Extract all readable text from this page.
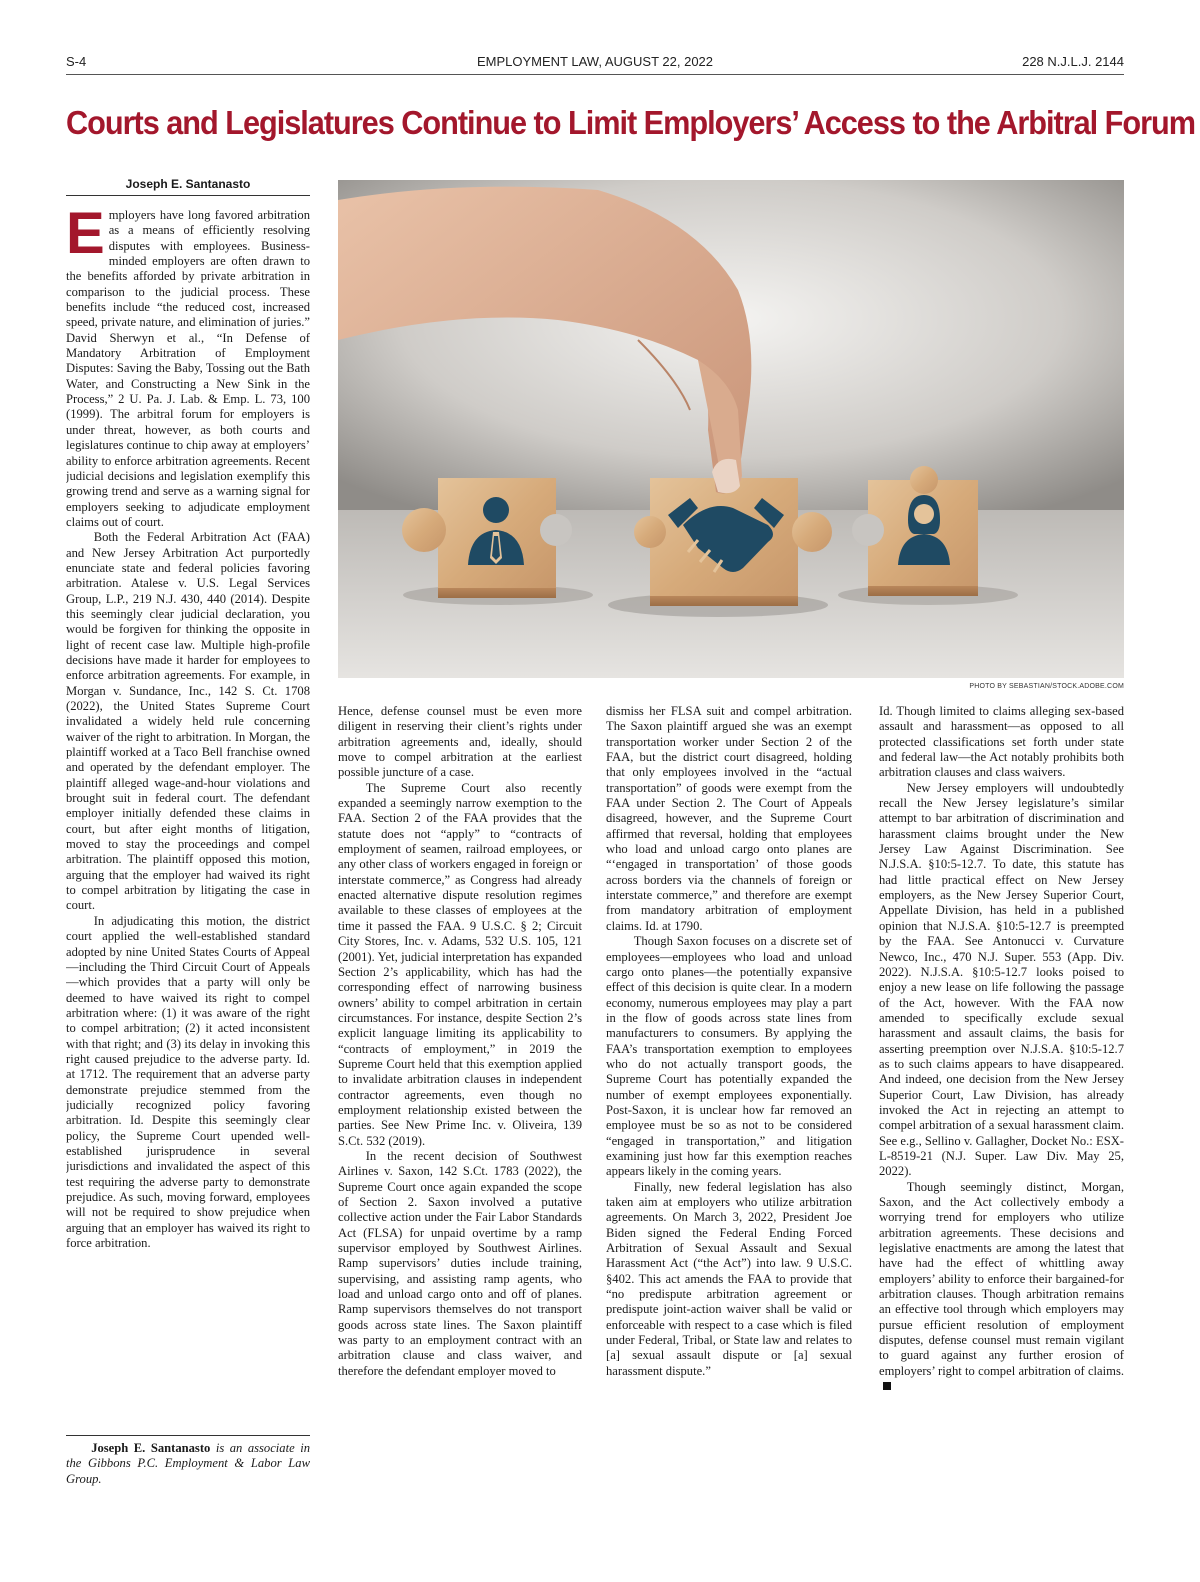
S-4	EMPLOYMENT LAW, AUGUST 22, 2022	228 N.J.L.J. 2144
Courts and Legislatures Continue to Limit Employers’ Access to the Arbitral Forum
Joseph E. Santanasto

Employers have long favored arbitration as a means of efficiently resolving disputes with employees. Business-minded employers are often drawn to the benefits afforded by private arbitration in comparison to the judicial process. These benefits include “the reduced cost, increased speed, private nature, and elimination of juries.” David Sherwyn et al., “In Defense of Mandatory Arbitration of Employment Disputes: Saving the Baby, Tossing out the Bath Water, and Constructing a New Sink in the Process,” 2 U. Pa. J. Lab. & Emp. L. 73, 100 (1999). The arbitral forum for employers is under threat, however, as both courts and legislatures continue to chip away at employers’ ability to enforce arbitration agreements. Recent judicial decisions and legislation exemplify this growing trend and serve as a warning signal for employers seeking to adjudicate employment claims out of court.

Both the Federal Arbitration Act (FAA) and New Jersey Arbitration Act purportedly enunciate state and federal policies favoring arbitration. Atalese v. U.S. Legal Services Group, L.P., 219 N.J. 430, 440 (2014). Despite this seemingly clear judicial declaration, you would be forgiven for thinking the opposite in light of recent case law. Multiple high-profile decisions have made it harder for employees to enforce arbitration agreements. For example, in Morgan v. Sundance, Inc., 142 S. Ct. 1708 (2022), the United States Supreme Court invalidated a widely held rule concerning waiver of the right to arbitration. In Morgan, the plaintiff worked at a Taco Bell franchise owned and operated by the defendant employer. The plaintiff alleged wage-and-hour violations and brought suit in federal court. The defendant employer initially defended these claims in court, but after eight months of litigation, moved to stay the proceedings and compel arbitration. The plaintiff opposed this motion, arguing that the employer had waived its right to compel arbitration by litigating the case in court.

In adjudicating this motion, the district court applied the well-established standard adopted by nine United States Courts of Appeal—including the Third Circuit Court of Appeals—which provides that a party will only be deemed to have waived its right to compel arbitration where: (1) it was aware of the right to compel arbitration; (2) it acted inconsistent with that right; and (3) its delay in invoking this right caused prejudice to the adverse party. Id. at 1712. The requirement that an adverse party demonstrate prejudice stemmed from the judicially recognized policy favoring arbitration. Id. Despite this seemingly clear policy, the Supreme Court upended well-established jurisprudence in several jurisdictions and invalidated the aspect of this test requiring the adverse party to demonstrate prejudice. As such, moving forward, employees will not be required to show prejudice when arguing that an employer has waived its right to force arbitration.

Joseph E. Santanasto is an associate in the Gibbons P.C. Employment & Labor Law Group.
PHOTO BY SEBASTIAN/STOCK.ADOBE.COM

Hence, defense counsel must be even more diligent in reserving their client’s rights under arbitration agreements and, ideally, should move to compel arbitration at the earliest possible juncture of a case.

The Supreme Court also recently expanded a seemingly narrow exemption to the FAA. Section 2 of the FAA provides that the statute does not “apply” to “contracts of employment of seamen, railroad employees, or any other class of workers engaged in foreign or interstate commerce,” as Congress had already enacted alternative dispute resolution regimes available to these classes of employees at the time it passed the FAA. 9 U.S.C. § 2; Circuit City Stores, Inc. v. Adams, 532 U.S. 105, 121 (2001). Yet, judicial interpretation has expanded Section 2’s applicability, which has had the corresponding effect of narrowing business owners’ ability to compel arbitration in certain circumstances. For instance, despite Section 2’s explicit language limiting its applicability to “contracts of employment,” in 2019 the Supreme Court held that this exemption applied to invalidate arbitration clauses in independent contractor agreements, even though no employment relationship existed between the parties. See New Prime Inc. v. Oliveira, 139 S.Ct. 532 (2019).

In the recent decision of Southwest Airlines v. Saxon, 142 S.Ct. 1783 (2022), the Supreme Court once again expanded the scope of Section 2. Saxon involved a putative collective action under the Fair Labor Standards Act (FLSA) for unpaid overtime by a ramp supervisor employed by Southwest Airlines. Ramp supervisors’ duties include training, supervising, and assisting ramp agents, who load and unload cargo onto and off of planes. Ramp supervisors themselves do not transport goods across state lines. The Saxon plaintiff was party to an employment contract with an arbitration clause and class waiver, and therefore the defendant employer moved to

dismiss her FLSA suit and compel arbitration. The Saxon plaintiff argued she was an exempt transportation worker under Section 2 of the FAA, but the district court disagreed, holding that only employees involved in the “actual transportation” of goods were exempt from the FAA under Section 2. The Court of Appeals disagreed, however, and the Supreme Court affirmed that reversal, holding that employees who load and unload cargo onto planes are “‘engaged in transportation’ of those goods across borders via the channels of foreign or interstate commerce,” and therefore are exempt from mandatory arbitration of employment claims. Id. at 1790.

Though Saxon focuses on a discrete set of employees—employees who load and unload cargo onto planes—the potentially expansive effect of this decision is quite clear. In a modern economy, numerous employees may play a part in the flow of goods across state lines from manufacturers to consumers. By applying the FAA’s transportation exemption to employees who do not actually transport goods, the Supreme Court has potentially expanded the number of exempt employees exponentially. Post-Saxon, it is unclear how far removed an employee must be so as not to be considered “engaged in transportation,” and litigation examining just how far this exemption reaches appears likely in the coming years.

Finally, new federal legislation has also taken aim at employers who utilize arbitration agreements. On March 3, 2022, President Joe Biden signed the Federal Ending Forced Arbitration of Sexual Assault and Sexual Harassment Act (“the Act”) into law. 9 U.S.C. §402. This act amends the FAA to provide that “no predispute arbitration agreement or predispute joint-action waiver shall be valid or enforceable with respect to a case which is filed under Federal, Tribal, or State law and relates to [a] sexual assault dispute or [a] sexual harassment dispute.”

Id. Though limited to claims alleging sex-based assault and harassment—as opposed to all protected classifications set forth under state and federal law—the Act notably prohibits both arbitration clauses and class waivers.

New Jersey employers will undoubtedly recall the New Jersey legislature’s similar attempt to bar arbitration of discrimination and harassment claims brought under the New Jersey Law Against Discrimination. See N.J.S.A. §10:5-12.7. To date, this statute has had little practical effect on New Jersey employers, as the New Jersey Superior Court, Appellate Division, has held in a published opinion that N.J.S.A. §10:5-12.7 is preempted by the FAA. See Antonucci v. Curvature Newco, Inc., 470 N.J. Super. 553 (App. Div. 2022). N.J.S.A. §10:5-12.7 looks poised to enjoy a new lease on life following the passage of the Act, however. With the FAA now amended to specifically exclude sexual harassment and assault claims, the basis for asserting preemption over N.J.S.A. §10:5-12.7 as to such claims appears to have disappeared. And indeed, one decision from the New Jersey Superior Court, Law Division, has already invoked the Act in rejecting an attempt to compel arbitration of a sexual harassment claim. See e.g., Sellino v. Gallagher, Docket No.: ESX-L-8519-21 (N.J. Super. Law Div. May 25, 2022).

Though seemingly distinct, Morgan, Saxon, and the Act collectively embody a worrying trend for employers who utilize arbitration agreements. These decisions and legislative enactments are among the latest that have had the effect of whittling away employers’ ability to enforce their bargained-for arbitration clauses. Though arbitration remains an effective tool through which employers may pursue efficient resolution of employment disputes, defense counsel must remain vigilant to guard against any further erosion of employers’ right to compel arbitration of claims.
